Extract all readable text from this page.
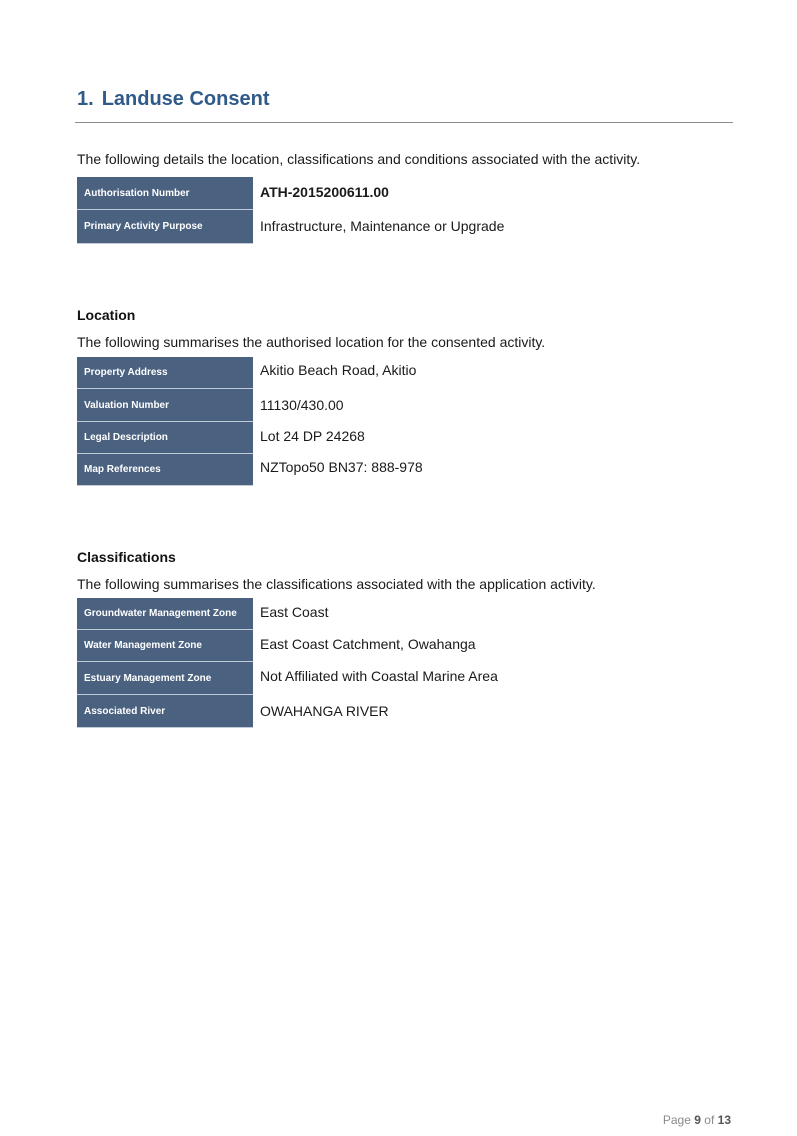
1. Landuse Consent

The following details the location, classifications and conditions associated with the activity.

Authorisation Number	ATH-2015200611.00
Primary Activity Purpose	Infrastructure, Maintenance or Upgrade

Location

The following summarises the authorised location for the consented activity.

Property Address	Akitio Beach Road, Akitio
Valuation Number	11130/430.00
Legal Description	Lot 24 DP 24268
Map References	NZTopo50 BN37: 888-978

Classifications

The following summarises the classifications associated with the application activity.

Groundwater Management Zone	East Coast
Water Management Zone	East Coast Catchment, Owahanga
Estuary Management Zone	Not Affiliated with Coastal Marine Area
Associated River	OWAHANGA RIVER
Page 9 of 13
